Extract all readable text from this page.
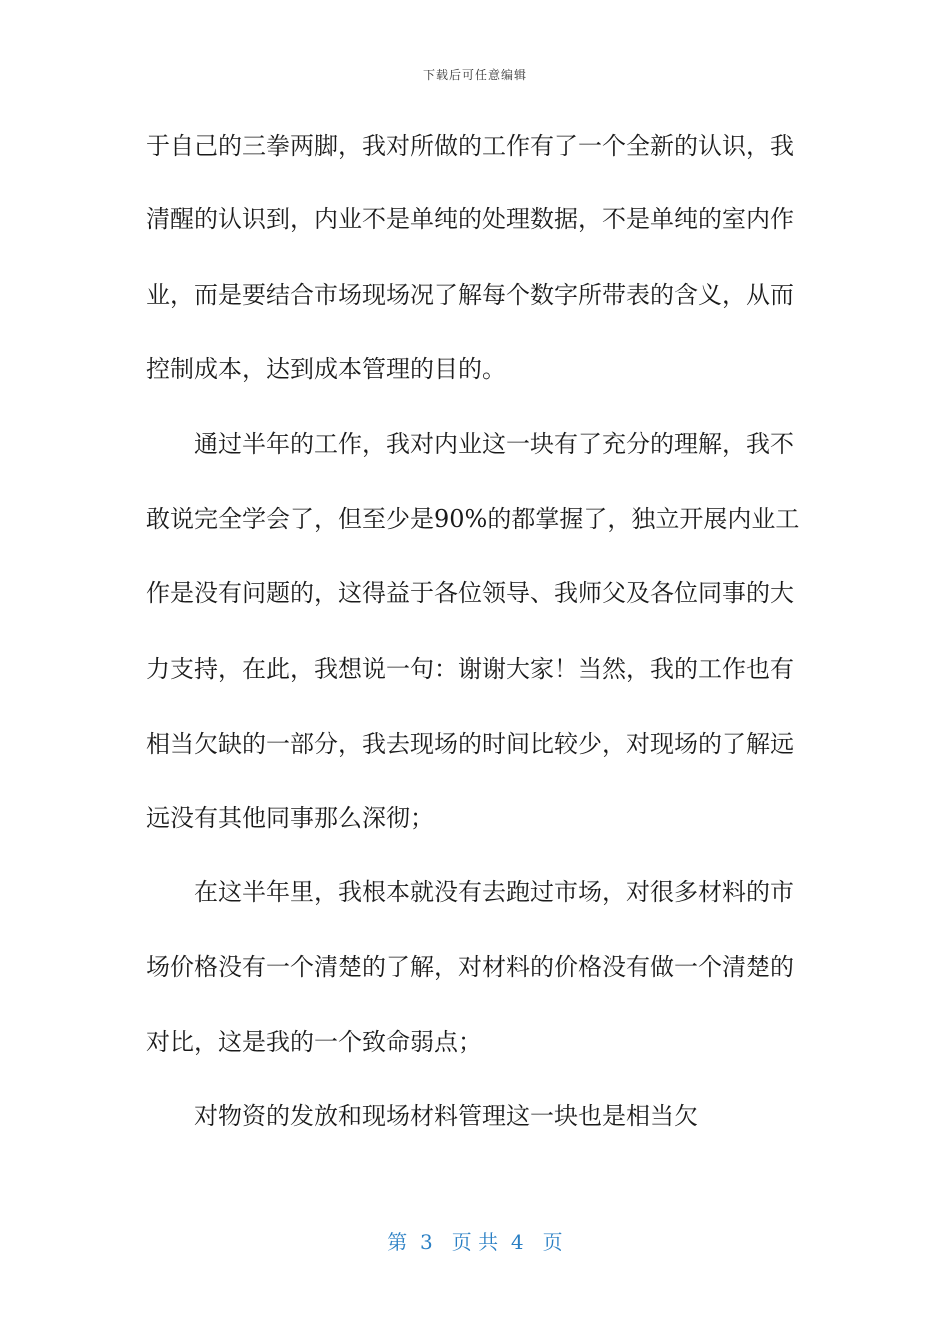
下载后可任意编辑
于自己的三拳两脚，我对所做的工作有了一个全新的认识，我
清醒的认识到，内业不是单纯的处理数据，不是单纯的室内作
业，而是要结合市场现场况了解每个数字所带表的含义，从而
控制成本，达到成本管理的目的。
通过半年的工作，我对内业这一块有了充分的理解，我不
敢说完全学会了，但至少是90%的都掌握了，独立开展内业工
作是没有问题的，这得益于各位领导、我师父及各位同事的大
力支持，在此，我想说一句：谢谢大家！当然，我的工作也有
相当欠缺的一部分，我去现场的时间比较少，对现场的了解远
远没有其他同事那么深彻；
在这半年里，我根本就没有去跑过市场，对很多材料的市
场价格没有一个清楚的了解，对材料的价格没有做一个清楚的
对比，这是我的一个致命弱点；
对物资的发放和现场材料管理这一块也是相当欠
第  3   页 共  4   页
